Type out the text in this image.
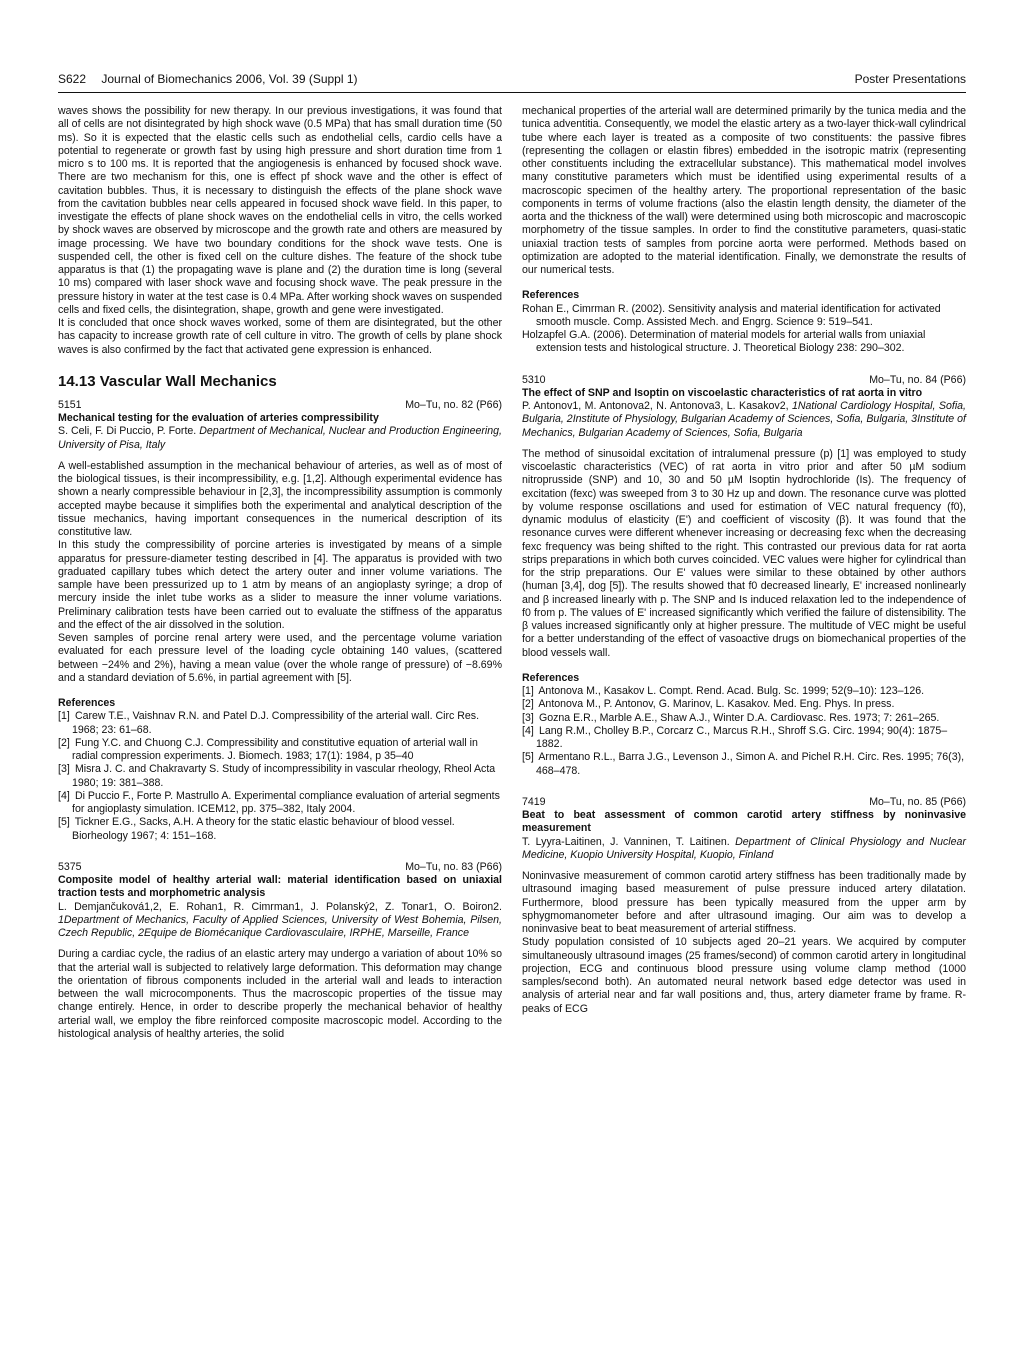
S622 Journal of Biomechanics 2006, Vol. 39 (Suppl 1)	Poster Presentations

waves shows the possibility for new therapy. In our previous investigations, it was found that all of cells are not disintegrated by high shock wave (0.5 MPa) that has small duration time (50 ms). So it is expected that the elastic cells such as endothelial cells, cardio cells have a potential to regenerate or growth fast by using high pressure and short duration time from 1 micro s to 100 ms. It is reported that the angiogenesis is enhanced by focused shock wave. There are two mechanism for this, one is effect pf shock wave and the other is effect of cavitation bubbles. Thus, it is necessary to distinguish the effects of the plane shock wave from the cavitation bubbles near cells appeared in focused shock wave field. In this paper, to investigate the effects of plane shock waves on the endothelial cells in vitro, the cells worked by shock waves are observed by microscope and the growth rate and others are measured by image processing. We have two boundary conditions for the shock wave tests. One is suspended cell, the other is fixed cell on the culture dishes. The feature of the shock tube apparatus is that (1) the propagating wave is plane and (2) the duration time is long (several 10 ms) compared with laser shock wave and focusing shock wave. The peak pressure in the pressure history in water at the test case is 0.4 MPa. After working shock waves on suspended cells and fixed cells, the disintegration, shape, growth and gene were investigated.

It is concluded that once shock waves worked, some of them are disintegrated, but the other has capacity to increase growth rate of cell culture in vitro. The growth of cells by plane shock waves is also confirmed by the fact that activated gene expression is enhanced.

14.13 Vascular Wall Mechanics
5151	Mo–Tu, no. 82 (P66)
Mechanical testing for the evaluation of arteries compressibility
S. Celi, F. Di Puccio, P. Forte. Department of Mechanical, Nuclear and Production Engineering, University of Pisa, Italy

A well-established assumption in the mechanical behaviour of arteries, as well as of most of the biological tissues, is their incompressibility, e.g. [1,2]. Although experimental evidence has shown a nearly compressible behaviour in [2,3], the incompressibility assumption is commonly accepted maybe because it simplifies both the experimental and analytical description of the tissue mechanics, having important consequences in the numerical description of its constitutive law.

In this study the compressibility of porcine arteries is investigated by means of a simple apparatus for pressure-diameter testing described in [4]. The apparatus is provided with two graduated capillary tubes which detect the artery outer and inner volume variations. The sample have been pressurized up to 1 atm by means of an angioplasty syringe; a drop of mercury inside the inlet tube works as a slider to measure the inner volume variations. Preliminary calibration tests have been carried out to evaluate the stiffness of the apparatus and the effect of the air dissolved in the solution.

Seven samples of porcine renal artery were used, and the percentage volume variation evaluated for each pressure level of the loading cycle obtaining 140 values, (scattered between −24% and 2%), having a mean value (over the whole range of pressure) of −8.69% and a standard deviation of 5.6%, in partial agreement with [5].

References
[1] Carew T.E., Vaishnav R.N. and Patel D.J. Compressibility of the arterial wall. Circ Res. 1968; 23: 61–68.
[2] Fung Y.C. and Chuong C.J. Compressibility and constitutive equation of arterial wall in radial compression experiments. J. Biomech. 1983; 17(1): 1984, p 35–40
[3] Misra J. C. and Chakravarty S. Study of incompressibility in vascular rheology, Rheol Acta 1980; 19: 381–388.
[4] Di Puccio F., Forte P. Mastrullo A. Experimental compliance evaluation of arterial segments for angioplasty simulation. ICEM12, pp. 375–382, Italy 2004.
[5] Tickner E.G., Sacks, A.H. A theory for the static elastic behaviour of blood vessel. Biorheology 1967; 4: 151–168.
5375	Mo–Tu, no. 83 (P66)
Composite model of healthy arterial wall: material identification based on uniaxial traction tests and morphometric analysis
L. Demjančuková1,2, E. Rohan1, R. Cimrman1, J. Polanský2, Z. Tonar1, O. Boiron2. 1Department of Mechanics, Faculty of Applied Sciences, University of West Bohemia, Pilsen, Czech Republic, 2Equipe de Biomécanique Cardiovasculaire, IRPHE, Marseille, France

During a cardiac cycle, the radius of an elastic artery may undergo a variation of about 10% so that the arterial wall is subjected to relatively large deformation. This deformation may change the orientation of fibrous components included in the arterial wall and leads to interaction between the wall microcomponents. Thus the macroscopic properties of the tissue may change entirely. Hence, in order to describe properly the mechanical behavior of healthy arterial wall, we employ the fibre reinforced composite macroscopic model. According to the histological analysis of healthy arteries, the solid

mechanical properties of the arterial wall are determined primarily by the tunica media and the tunica adventitia. Consequently, we model the elastic artery as a two-layer thick-wall cylindrical tube where each layer is treated as a composite of two constituents: the passive fibres (representing the collagen or elastin fibres) embedded in the isotropic matrix (representing other constituents including the extracellular substance). This mathematical model involves many constitutive parameters which must be identified using experimental results of a macroscopic specimen of the healthy artery. The proportional representation of the basic components in terms of volume fractions (also the elastin length density, the diameter of the aorta and the thickness of the wall) were determined using both microscopic and macroscopic morphometry of the tissue samples. In order to find the constitutive parameters, quasi-static uniaxial traction tests of samples from porcine aorta were performed. Methods based on optimization are adopted to the material identification. Finally, we demonstrate the results of our numerical tests.

References
Rohan E., Cimrman R. (2002). Sensitivity analysis and material identification for activated smooth muscle. Comp. Assisted Mech. and Engrg. Science 9: 519–541.
Holzapfel G.A. (2006). Determination of material models for arterial walls from uniaxial extension tests and histological structure. J. Theoretical Biology 238: 290–302.
5310	Mo–Tu, no. 84 (P66)
The effect of SNP and Isoptin on viscoelastic characteristics of rat aorta in vitro
P. Antonov1, M. Antonova2, N. Antonova3, L. Kasakov2, 1National Cardiology Hospital, Sofia, Bulgaria, 2Institute of Physiology, Bulgarian Academy of Sciences, Sofia, Bulgaria, 3Institute of Mechanics, Bulgarian Academy of Sciences, Sofia, Bulgaria

The method of sinusoidal excitation of intralumenal pressure (p) [1] was employed to study viscoelastic characteristics (VEC) of rat aorta in vitro prior and after 50 µM sodium nitroprusside (SNP) and 10, 30 and 50 µM Isoptin hydrochloride (Is). The frequency of excitation (fexc) was sweeped from 3 to 30 Hz up and down. The resonance curve was plotted by volume response oscillations and used for estimation of VEC natural frequency (f0), dynamic modulus of elasticity (E') and coefficient of viscosity (β). It was found that the resonance curves were different whenever increasing or decreasing fexc when the decreasing fexc frequency was being shifted to the right. This contrasted our previous data for rat aorta strips preparations in which both curves coincided. VEC values were higher for cylindrical than for the strip preparations. Our E' values were similar to these obtained by other authors (human [3,4], dog [5]). The results showed that f0 decreased linearly, E' increased nonlinearly and β increased linearly with p. The SNP and Is induced relaxation led to the independence of f0 from p. The values of E' increased significantly which verified the failure of distensibility. The β values increased significantly only at higher pressure. The multitude of VEC might be useful for a better understanding of the effect of vasoactive drugs on biomechanical properties of the blood vessels wall.

References
[1] Antonova M., Kasakov L. Compt. Rend. Acad. Bulg. Sc. 1999; 52(9–10): 123–126.
[2] Antonova M., P. Antonov, G. Marinov, L. Kasakov. Med. Eng. Phys. In press.
[3] Gozna E.R., Marble A.E., Shaw A.J., Winter D.A. Cardiovasc. Res. 1973; 7: 261–265.
[4] Lang R.M., Cholley B.P., Corcarz C., Marcus R.H., Shroff S.G. Circ. 1994; 90(4): 1875–1882.
[5] Armentano R.L., Barra J.G., Levenson J., Simon A. and Pichel R.H. Circ. Res. 1995; 76(3), 468–478.
7419	Mo–Tu, no. 85 (P66)
Beat to beat assessment of common carotid artery stiffness by noninvasive measurement
T. Lyyra-Laitinen, J. Vanninen, T. Laitinen. Department of Clinical Physiology and Nuclear Medicine, Kuopio University Hospital, Kuopio, Finland

Noninvasive measurement of common carotid artery stiffness has been traditionally made by ultrasound imaging based measurement of pulse pressure induced artery dilatation. Furthermore, blood pressure has been typically measured from the upper arm by sphygmomanometer before and after ultrasound imaging. Our aim was to develop a noninvasive beat to beat measurement of arterial stiffness.

Study population consisted of 10 subjects aged 20–21 years. We acquired by computer simultaneously ultrasound images (25 frames/second) of common carotid artery in longitudinal projection, ECG and continuous blood pressure using volume clamp method (1000 samples/second both). An automated neural network based edge detector was used in analysis of arterial near and far wall positions and, thus, artery diameter frame by frame. R-peaks of ECG
